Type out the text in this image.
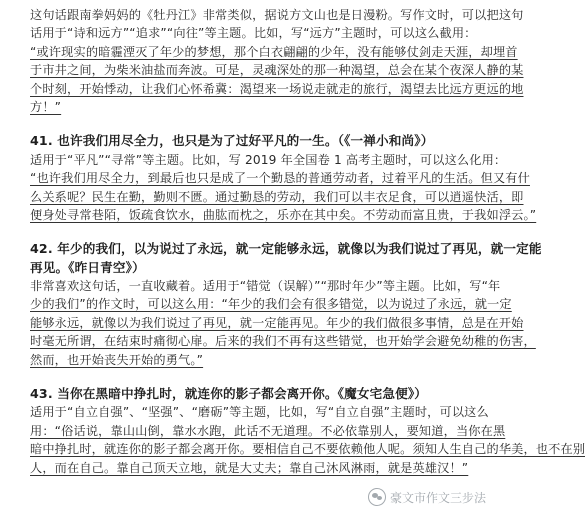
这句话跟南拳妈妈的《牡丹江》非常类似，据说方文山也是日漫粉。写作文时，可以把这句
话用于“诗和远方”“追求”“向往”等主题。比如，写“远方”主题时，可以这么截用：
“或许现实的暗霾湮灭了年少的梦想，那个白衣翩翩的少年，没有能够仗剑走天涯，却埋首
于市井之间，为柴米油盐而奔波。可是，灵魂深处的那一种渴望，总会在某个夜深人静的某
个时刻，开始悸动，让我们心怀希冀：渴望来一场说走就走的旅行，渴望去比远方更远的地
方！”
41. 也许我们用尽全力，也只是为了过好平凡的一生。（《一禅小和尚》）
适用于“平凡”“寻常”等主题。比如，写 2019 年全国卷 1 高考主题时，可以这么化用：
“也许我们用尽全力，到最后也只是成了一个勤恳的普通劳动者，过着平凡的生活。但又有什
么关系呢？民生在勤，勤则不匮。通过勤恳的劳动，我们可以丰衣足食，可以逍遥快活，即
便身处寻常巷陌，饭疏食饮水，曲肱而枕之，乐亦在其中矣。不劳动而富且贵，于我如浮云。”
42. 年少的我们，以为说过了永远，就一定能够永远，就像以为我们说过了再见，就一定能
再见。《昨日青空》）
非常喜欢这句话，一直收藏着。适用于“错觉（误解）”“那时年少”等主题。比如，写“年
少的我们”的作文时，可以这么用：“年少的我们会有很多错觉，以为说过了永远，就一定
能够永远，就像以为我们说过了再见，就一定能再见。年少的我们做很多事情，总是在开始
时毫无所谓，在结束时痛彻心扉。后来的我们不再有这些错觉，也开始学会避免幼稚的伤害，
然而，也开始丧失开始的勇气。”
43. 当你在黑暗中挣扎时，就连你的影子都会离开你。《魔女宅急便》）
适用于“自立自强”、“坚强”、“磨砺”等主题，比如，写“自立自强”主题时，可以这么
用：“俗话说，靠山山倒，靠水水跑，此话不无道理。不必依靠别人，要知道，当你在黑
暗中挣扎时，就连你的影子都会离开你。要相信自己不要依赖他人呢。须知人生自己的华美，也不在别
人，而在自己。靠自己顶天立地，就是大丈夫；靠自己沐风淋雨，就是英雄汉！”
豪文市作文三步法
